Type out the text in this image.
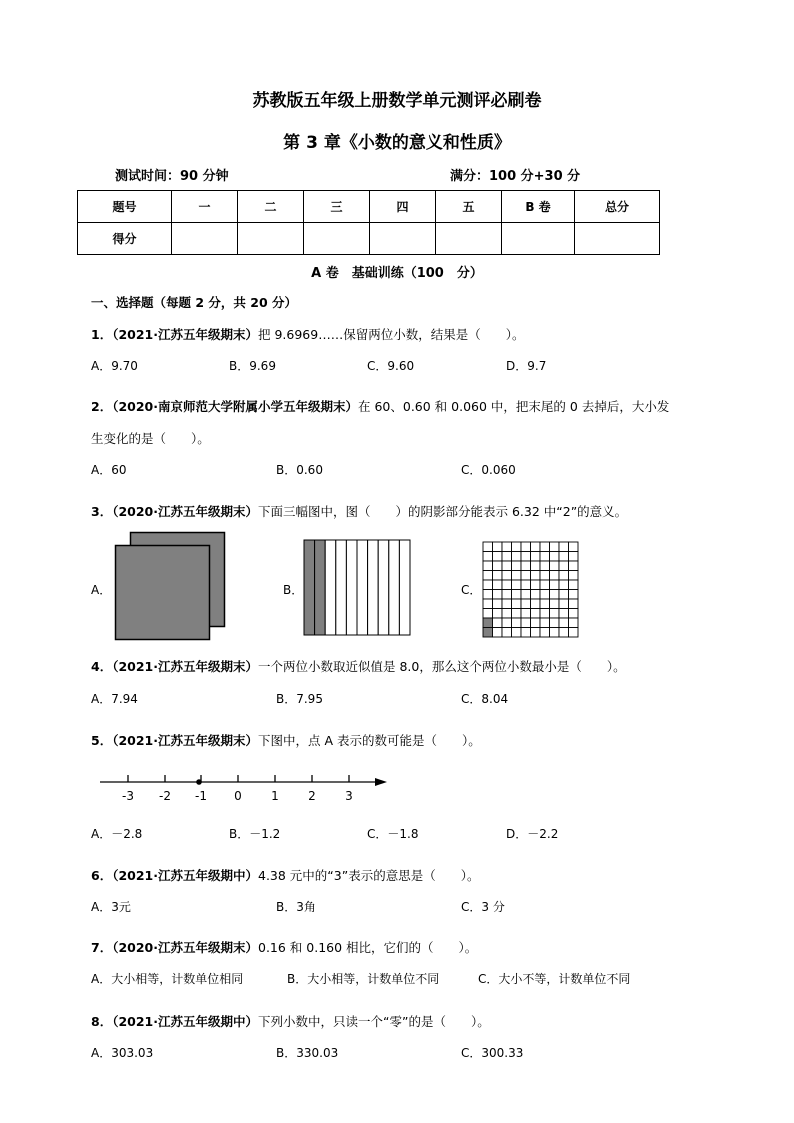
苏教版五年级上册数学单元测评必刷卷
第 3 章《小数的意义和性质》
测试时间：90 分钟	满分：100 分+30 分
题号	一	二	三	四	五	B 卷	总分
得分							
A 卷　基础训练（100　分）
一、选择题（每题 2 分，共 20 分）
1．（2021·江苏五年级期末）把 9.6969……保留两位小数，结果是（　　）。
A．9.70	B．9.69	C．9.60	D．9.7
2．（2020·南京师范大学附属小学五年级期末）在 60、0.60 和 0.060 中，把末尾的 0 去掉后，大小发
生变化的是（　　）。
A．60	B．0.60	C．0.060
3．（2020·江苏五年级期末）下面三幅图中，图（　　）的阴影部分能表示 6.32 中“2”的意义。
A．	B．	C．
4．（2021·江苏五年级期末）一个两位小数取近似值是 8.0，那么这个两位小数最小是（　　）。
A．7.94	B．7.95	C．8.04
5．（2021·江苏五年级期末）下图中，点 A 表示的数可能是（　　）。
-3 -2 -1 0 1 2 3
A．－2.8	B．－1.2	C．－1.8	D．－2.2
6．（2021·江苏五年级期中）4.38 元中的“3”表示的意思是（　　）。
A．3元	B．3角	C．3 分
7．（2020·江苏五年级期末）0.16 和 0.160 相比，它们的（　　）。
A．大小相等，计数单位相同	B．大小相等，计数单位不同	C．大小不等，计数单位不同
8．（2021·江苏五年级期中）下列小数中，只读一个“零”的是（　　）。
A．303.03	B．330.03	C．300.33
